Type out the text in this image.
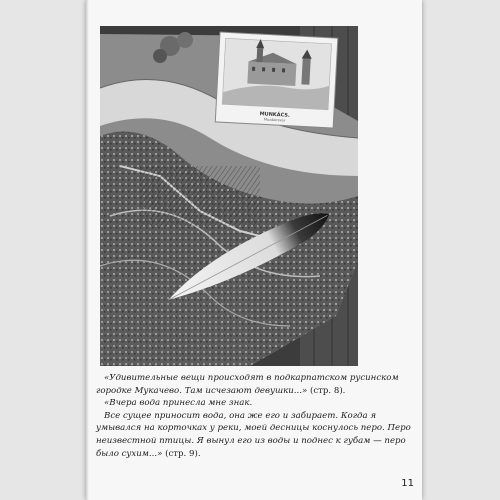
MUNKÁCS.
Munkácsvár

«Удивительные вещи происходят в подкарпатском русинском городке Мукачево. Там исчезают девушки...» (стр. 8).

«Вчера вода принесла мне знак.

Все сущее приносит вода, она же его и забирает. Когда я умывался на корточках у реки, моей десницы коснулось перо. Перо неизвестной птицы. Я вынул его из воды и поднес к губам — перо было сухим...» (стр. 9).

11
